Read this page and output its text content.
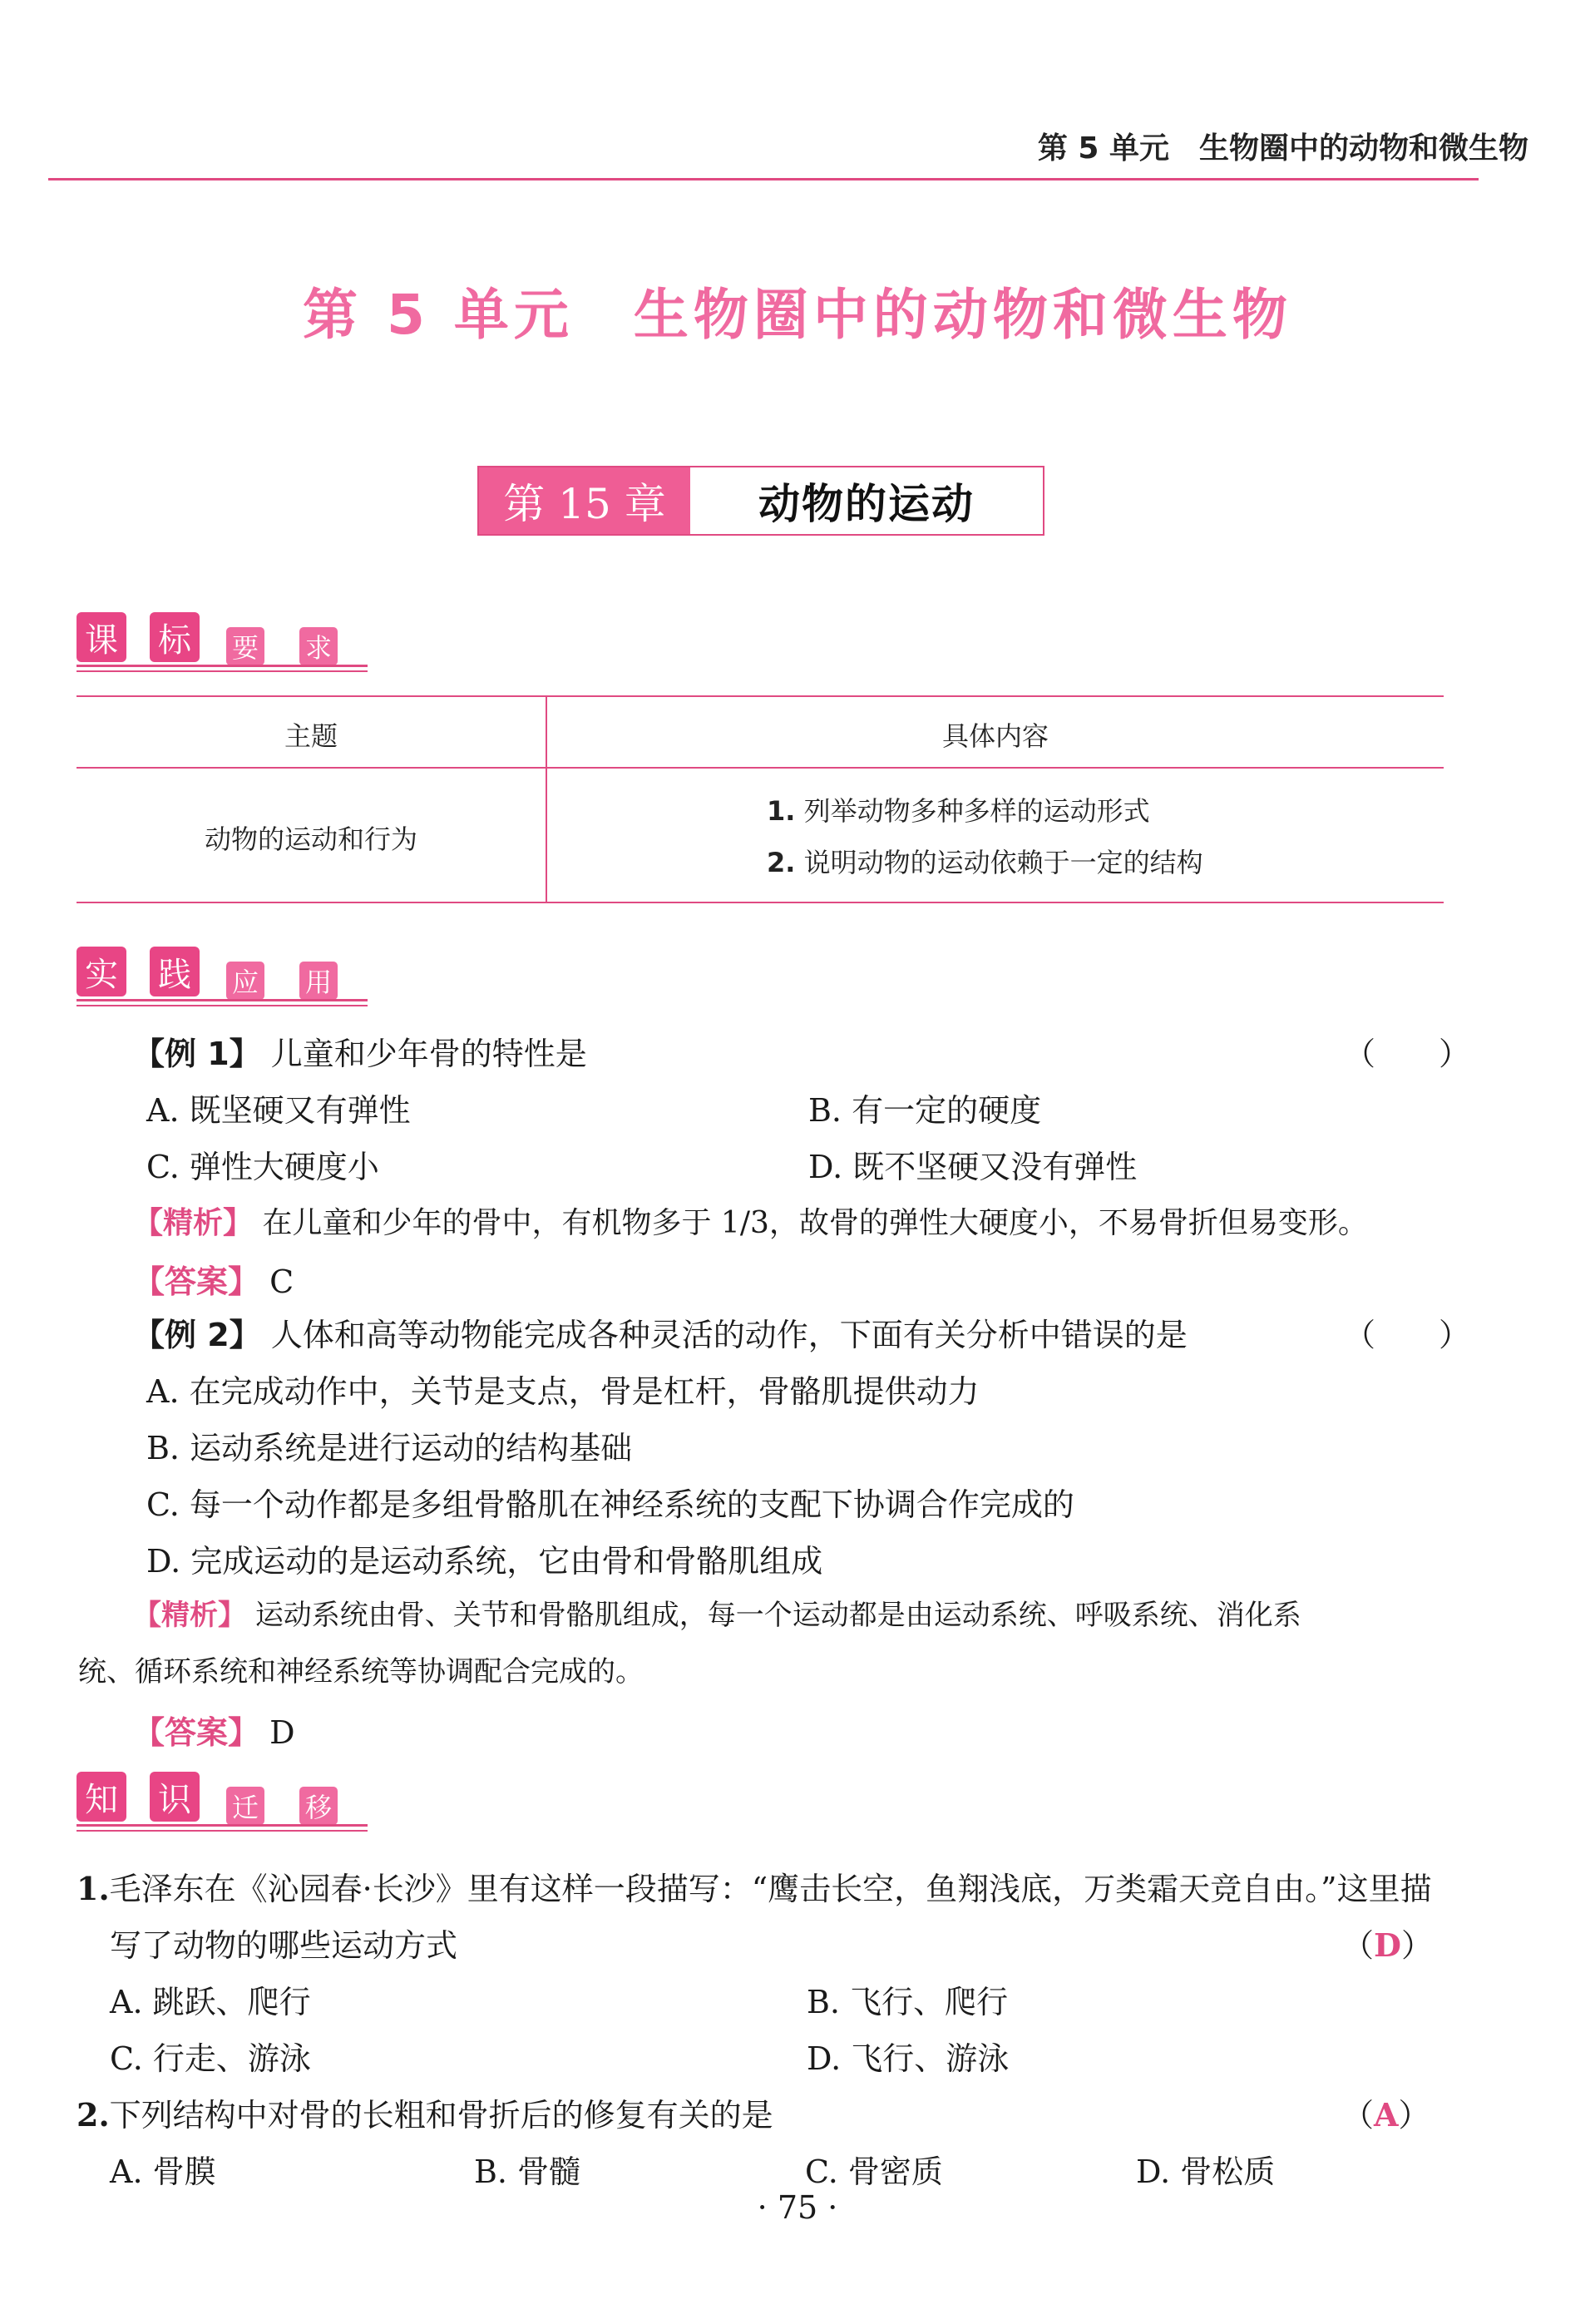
第 5 单元　生物圈中的动物和微生物
第 5 单元　生物圈中的动物和微生物
第 15 章	动物的运动
课 标	要 求
主题	具体内容
动物的运动和行为
1. 列举动物多种多样的运动形式
2. 说明动物的运动依赖于一定的结构
实 践	应 用
【例 1】 儿童和少年骨的特性是	（　　）
A. 既坚硬又有弹性	B. 有一定的硬度
C. 弹性大硬度小	D. 既不坚硬又没有弹性
【精析】 在儿童和少年的骨中，有机物多于 1/3，故骨的弹性大硬度小，不易骨折但易变形。
【答案】 C
【例 2】 人体和高等动物能完成各种灵活的动作，下面有关分析中错误的是	（　　）
A. 在完成动作中，关节是支点，骨是杠杆，骨骼肌提供动力
B. 运动系统是进行运动的结构基础
C. 每一个动作都是多组骨骼肌在神经系统的支配下协调合作完成的
D. 完成运动的是运动系统，它由骨和骨骼肌组成
【精析】 运动系统由骨、关节和骨骼肌组成，每一个运动都是由运动系统、呼吸系统、消化系
统、循环系统和神经系统等协调配合完成的。
【答案】 D
知 识	迁 移
1.毛泽东在《沁园春·长沙》里有这样一段描写：“鹰击长空，鱼翔浅底，万类霜天竞自由。”这里描
写了动物的哪些运动方式	（D）
A. 跳跃、爬行	B. 飞行、爬行
C. 行走、游泳	D. 飞行、游泳
2.下列结构中对骨的长粗和骨折后的修复有关的是	（A）
A. 骨膜	B. 骨髓	C. 骨密质	D. 骨松质
· 75 ·
